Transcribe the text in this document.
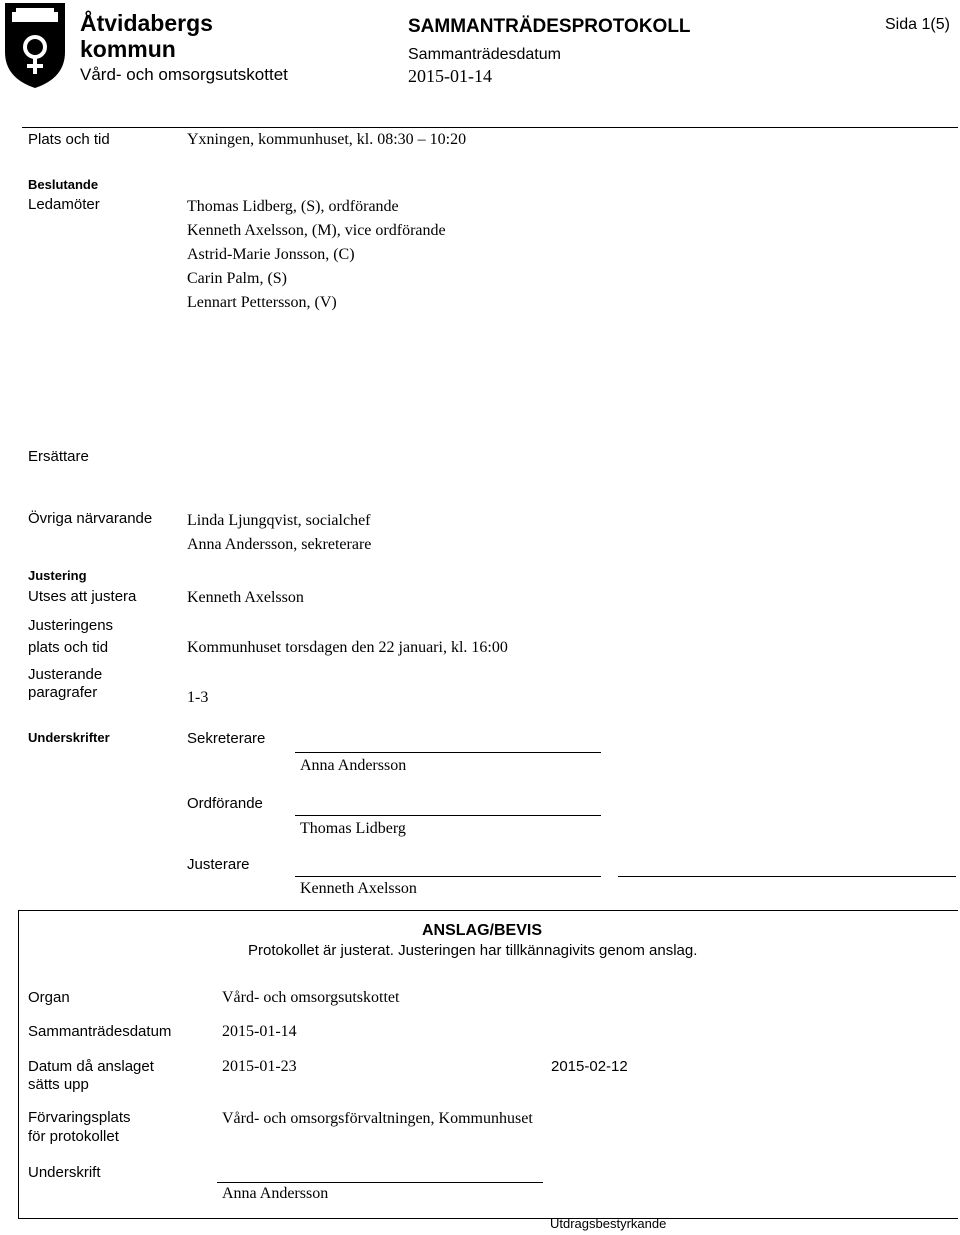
Åtvidabergs
kommun
Vård- och omsorgsutskottet
SAMMANTRÄDESPROTOKOLL
Sammanträdesdatum
2015-01-14
Sida 1(5)
Plats och tid	Yxningen, kommunhuset, kl. 08:30 – 10:20
Beslutande
Ledamöter	Thomas Lidberg, (S), ordförande
Kenneth Axelsson, (M), vice ordförande
Astrid-Marie Jonsson, (C)
Carin Palm, (S)
Lennart Pettersson, (V)
Ersättare
Övriga närvarande Linda Ljungqvist, socialchef
Anna Andersson, sekreterare
Justering
Utses att justera	Kenneth Axelsson
Justeringens
plats och tid	Kommunhuset torsdagen den 22 januari, kl. 16:00
Justerande
paragrafer	1-3
Underskrifter	Sekreterare
Anna Andersson
Ordförande
Thomas Lidberg
Justerare
Kenneth Axelsson
ANSLAG/BEVIS
Protokollet är justerat. Justeringen har tillkännagivits genom anslag.
Organ	Vård- och omsorgsutskottet
Sammanträdesdatum	2015-01-14
Datum då anslaget
sätts upp
2015-01-23	2015-02-12
Förvaringsplats
för protokollet
Vård- och omsorgsförvaltningen, Kommunhuset
Underskrift
Anna Andersson
Utdragsbestyrkande
